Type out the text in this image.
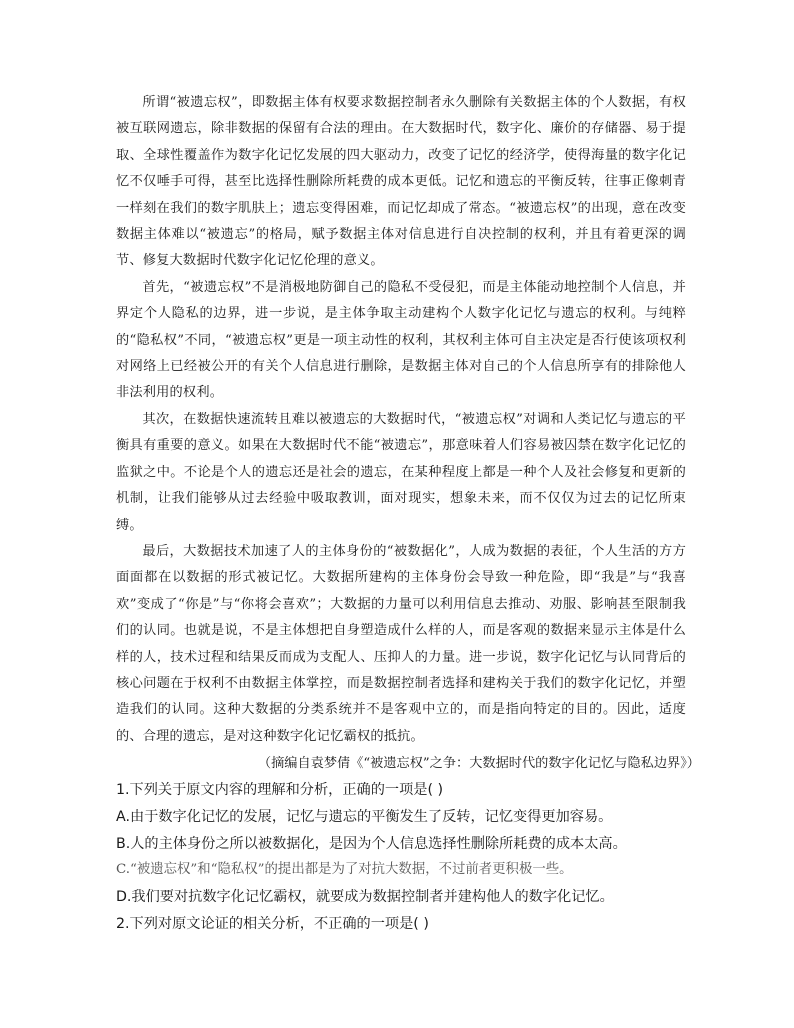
所谓“被遗忘权”，即数据主体有权要求数据控制者永久删除有关数据主体的个人数据，有权被互联网遗忘，除非数据的保留有合法的理由。在大数据时代，数字化、廉价的存储器、易于提取、全球性覆盖作为数字化记忆发展的四大驱动力，改变了记忆的经济学，使得海量的数字化记忆不仅唾手可得，甚至比选择性删除所耗费的成本更低。记忆和遗忘的平衡反转，往事正像刺青一样刻在我们的数字肌肤上；遗忘变得困难，而记忆却成了常态。“被遗忘权”的出现，意在改变数据主体难以“被遗忘”的格局，赋予数据主体对信息进行自决控制的权利，并且有着更深的调节、修复大数据时代数字化记忆伦理的意义。

首先，“被遗忘权”不是消极地防御自己的隐私不受侵犯，而是主体能动地控制个人信息，并界定个人隐私的边界，进一步说，是主体争取主动建构个人数字化记忆与遗忘的权利。与纯粹的“隐私权”不同，“被遗忘权”更是一项主动性的权利，其权利主体可自主决定是否行使该项权利对网络上已经被公开的有关个人信息进行删除，是数据主体对自己的个人信息所享有的排除他人非法利用的权利。

其次，在数据快速流转且难以被遗忘的大数据时代，“被遗忘权”对调和人类记忆与遗忘的平衡具有重要的意义。如果在大数据时代不能“被遗忘”，那意味着人们容易被囚禁在数字化记忆的监狱之中。不论是个人的遗忘还是社会的遗忘，在某种程度上都是一种个人及社会修复和更新的机制，让我们能够从过去经验中吸取教训，面对现实，想象未来，而不仅仅为过去的记忆所束缚。

最后，大数据技术加速了人的主体身份的“被数据化”，人成为数据的表征，个人生活的方方面面都在以数据的形式被记忆。大数据所建构的主体身份会导致一种危险，即“我是”与“我喜欢”变成了“你是”与“你将会喜欢”；大数据的力量可以利用信息去推动、劝服、影响甚至限制我们的认同。也就是说，不是主体想把自身塑造成什么样的人，而是客观的数据来显示主体是什么样的人，技术过程和结果反而成为支配人、压抑人的力量。进一步说，数字化记忆与认同背后的核心问题在于权利不由数据主体掌控，而是数据控制者选择和建构关于我们的数字化记忆，并塑造我们的认同。这种大数据的分类系统并不是客观中立的，而是指向特定的目的。因此，适度的、合理的遗忘，是对这种数字化记忆霸权的抵抗。

（摘编自袁梦倩《“被遗忘权”之争：大数据时代的数字化记忆与隐私边界》）
1.下列关于原文内容的理解和分析，正确的一项是( )
A.由于数字化记忆的发展，记忆与遗忘的平衡发生了反转，记忆变得更加容易。
B.人的主体身份之所以被数据化，是因为个人信息选择性删除所耗费的成本太高。
C.“被遗忘权”和“隐私权”的提出都是为了对抗大数据，不过前者更积极一些。
D.我们要对抗数字化记忆霸权，就要成为数据控制者并建构他人的数字化记忆。
2.下列对原文论证的相关分析，不正确的一项是( )
